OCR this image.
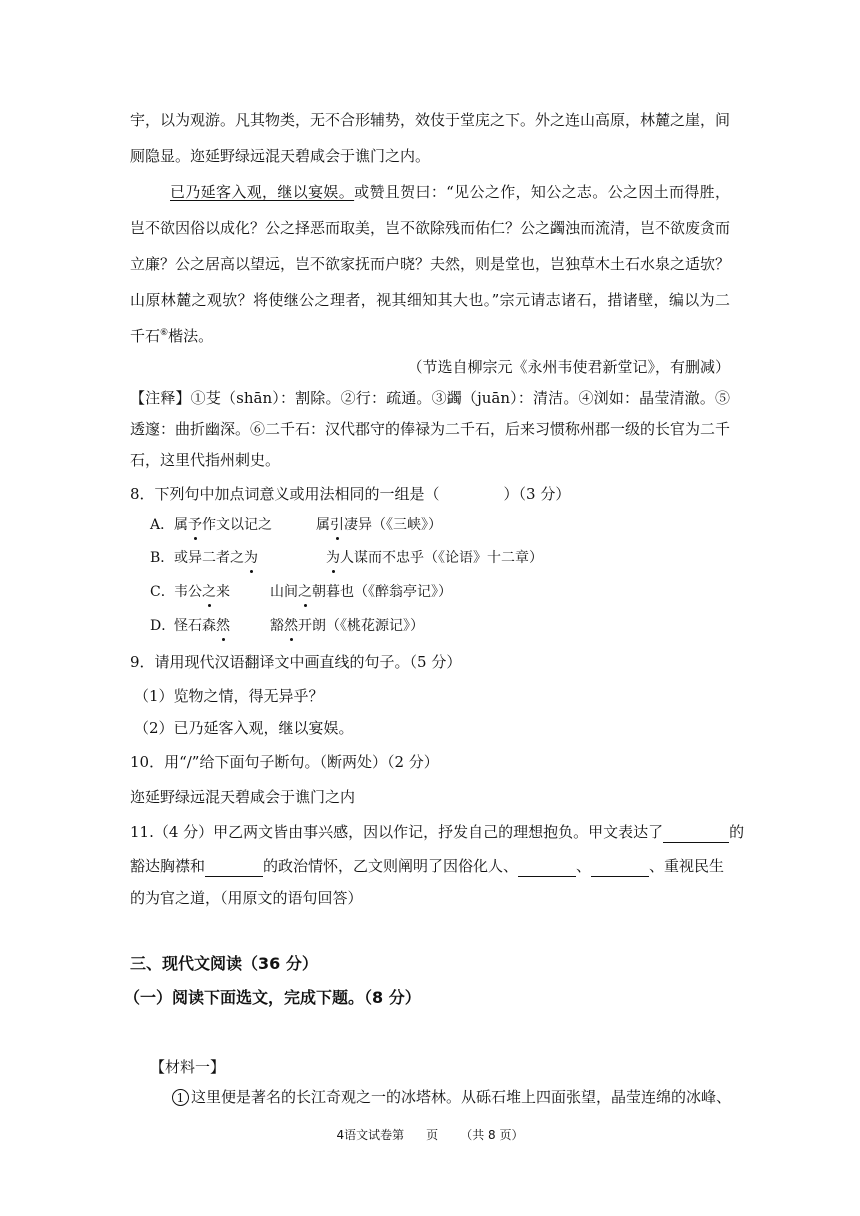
宇，以为观游。凡其物类，无不合形辅势，效伎于堂庑之下。外之连山高原，林麓之崖，间
厕隐显。迩延野绿远混天碧咸会于谯门之内。
已乃延客入观，继以宴娱。或赞且贺曰：“见公之作，知公之志。公之因土而得胜，
岂不欲因俗以成化？公之择恶而取美，岂不欲除残而佑仁？公之蠲浊而流清，岂不欲废贪而
立廉？公之居高以望远，岂不欲家抚而户晓？夫然，则是堂也，岂独草木土石水泉之适欤？
山原林麓之观欤？将使继公之理者，视其细知其大也。”宗元请志诸石，措诸壁，编以为二
千石⑥楷法。
（节选自柳宗元《永州韦使君新堂记》，有删减）
【注释】①芟（shān）：割除。②行：疏通。③蠲（juān）：清洁。④浏如：晶莹清澈。⑤
透邃：曲折幽深。⑥二千石：汉代郡守的俸禄为二千石，后来习惯称州郡一级的长官为二千
石，这里代指州刺史。
8．下列句中加点词意义或用法相同的一组是（	）（3 分）
A．属予作文以记之	属引凄异（《三峡》）
B．或异二者之为	为人谋而不忠乎（《论语》十二章）
C．韦公之来	山间之朝暮也（《醉翁亭记》）
D．怪石森然	豁然开朗（《桃花源记》）
9．请用现代汉语翻译文中画直线的句子。（5 分）
（1）览物之情，得无异乎？
（2）已乃延客入观，继以宴娱。
10．用“/”给下面句子断句。（断两处）（2 分）
迩延野绿远混天碧咸会于谯门之内
11.（4 分）甲乙两文皆由事兴感，因以作记，抒发自己的理想抱负。甲文表达了	的
豁达胸襟和	的政治情怀，乙文则阐明了因俗化人、	、	、重视民生
的为官之道，（用原文的语句回答）
三、现代文阅读（36 分）
（一）阅读下面选文，完成下题。（8 分）
【材料一】
1 这里便是著名的长江奇观之一的冰塔林。从砾石堆上四面张望，晶莹连绵的冰峰、
4语文试卷第 页 （共 8 页）
